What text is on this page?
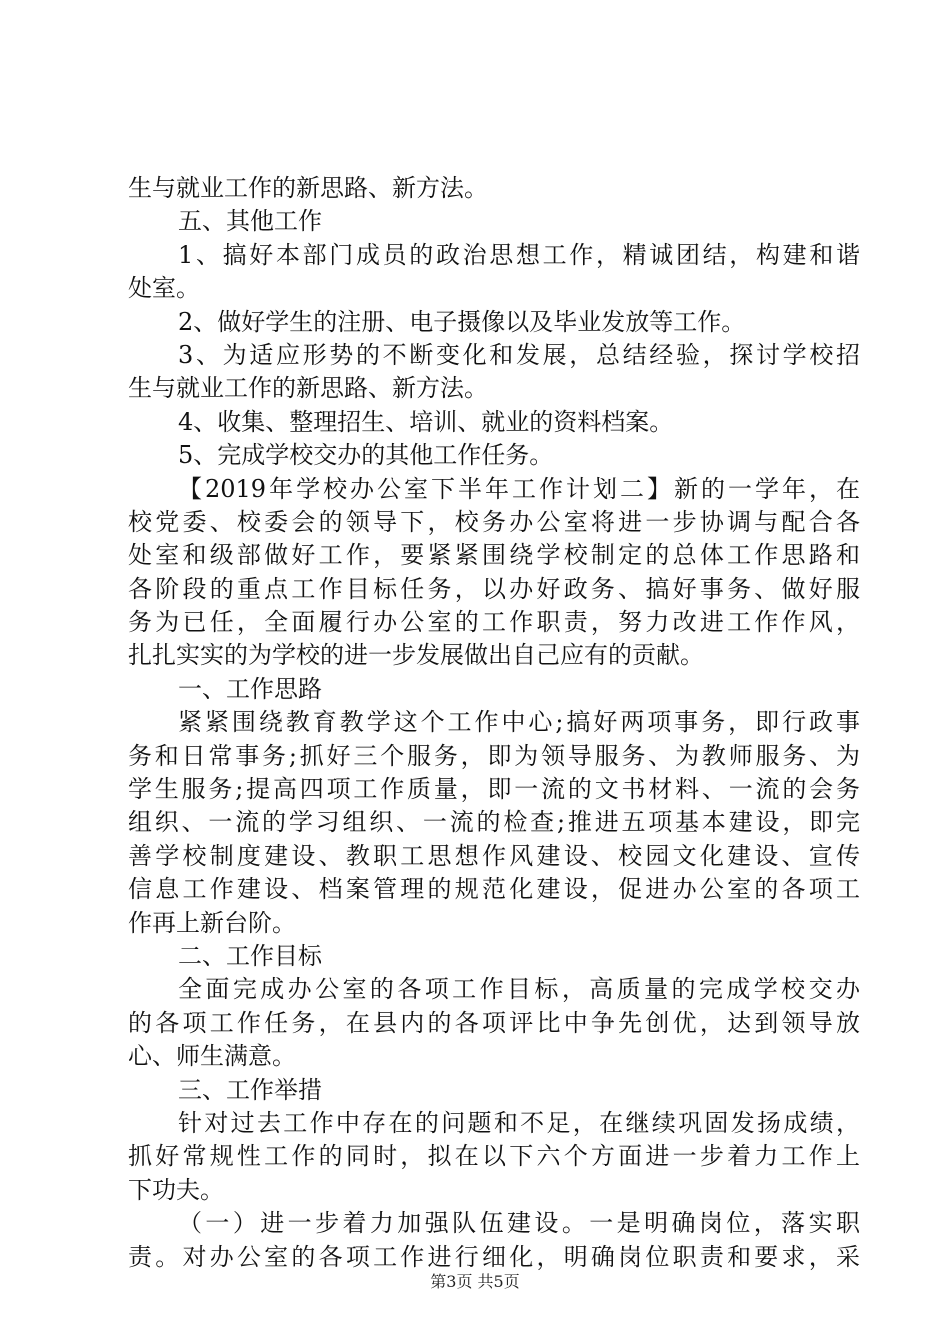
生与就业工作的新思路、新方法。
五、其他工作
1、搞好本部门成员的政治思想工作，精诚团结，构建和谐
处室。
2、做好学生的注册、电子摄像以及毕业发放等工作。
3、为适应形势的不断变化和发展，总结经验，探讨学校招
生与就业工作的新思路、新方法。
4、收集、整理招生、培训、就业的资料档案。
5、完成学校交办的其他工作任务。
【2019年学校办公室下半年工作计划二】新的一学年，在
校党委、校委会的领导下，校务办公室将进一步协调与配合各
处室和级部做好工作，要紧紧围绕学校制定的总体工作思路和
各阶段的重点工作目标任务，以办好政务、搞好事务、做好服
务为已任，全面履行办公室的工作职责，努力改进工作作风，
扎扎实实的为学校的进一步发展做出自己应有的贡献。
一、工作思路
紧紧围绕教育教学这个工作中心;搞好两项事务，即行政事
务和日常事务;抓好三个服务，即为领导服务、为教师服务、为
学生服务;提高四项工作质量，即一流的文书材料、一流的会务
组织、一流的学习组织、一流的检查;推进五项基本建设，即完
善学校制度建设、教职工思想作风建设、校园文化建设、宣传
信息工作建设、档案管理的规范化建设，促进办公室的各项工
作再上新台阶。
二、工作目标
全面完成办公室的各项工作目标，高质量的完成学校交办
的各项工作任务，在县内的各项评比中争先创优，达到领导放
心、师生满意。
三、工作举措
针对过去工作中存在的问题和不足，在继续巩固发扬成绩，
抓好常规性工作的同时，拟在以下六个方面进一步着力工作上
下功夫。
（一）进一步着力加强队伍建设。一是明确岗位，落实职
责。对办公室的各项工作进行细化，明确岗位职责和要求，采
第3页 共5页
